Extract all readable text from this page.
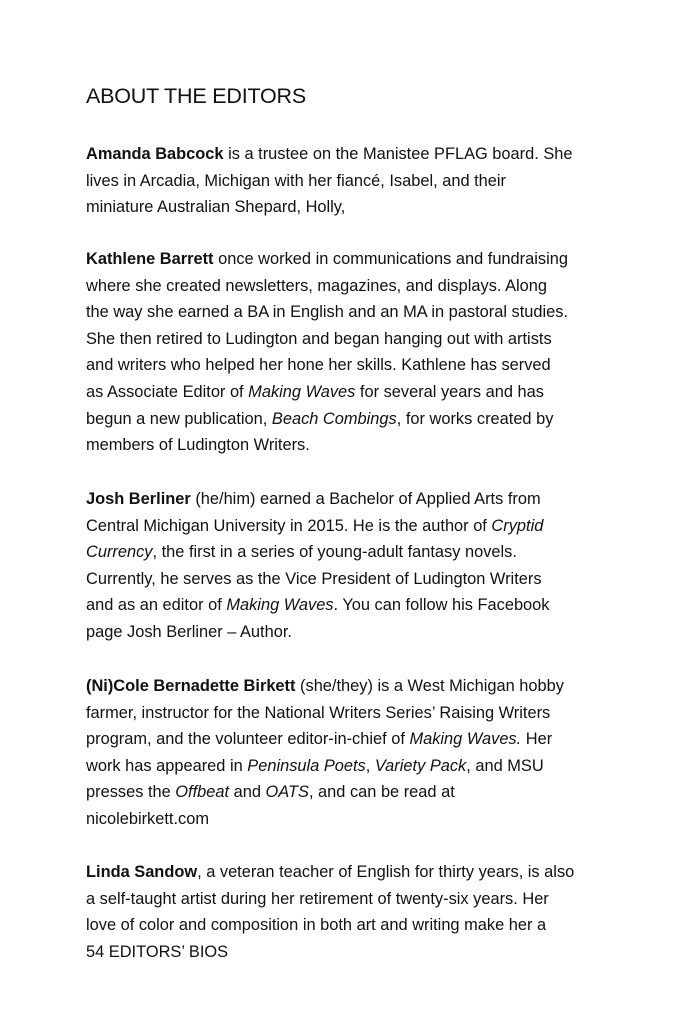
ABOUT THE EDITORS
Amanda Babcock is a trustee on the Manistee PFLAG board. She
lives in Arcadia, Michigan with her fiancé, Isabel, and their
miniature Australian Shepard, Holly,
Kathlene Barrett once worked in communications and fundraising
where she created newsletters, magazines, and displays. Along
the way she earned a BA in English and an MA in pastoral studies.
She then retired to Ludington and began hanging out with artists
and writers who helped her hone her skills. Kathlene has served
as Associate Editor of Making Waves for several years and has
begun a new publication, Beach Combings, for works created by
members of Ludington Writers.
Josh Berliner (he/him) earned a Bachelor of Applied Arts from
Central Michigan University in 2015. He is the author of Cryptid
Currency, the first in a series of young-adult fantasy novels.
Currently, he serves as the Vice President of Ludington Writers
and as an editor of Making Waves. You can follow his Facebook
page Josh Berliner – Author.
(Ni)Cole Bernadette Birkett (she/they) is a West Michigan hobby
farmer, instructor for the National Writers Series’ Raising Writers
program, and the volunteer editor-in-chief of Making Waves. Her
work has appeared in Peninsula Poets, Variety Pack, and MSU
presses the Offbeat and OATS, and can be read at
nicolebirkett.com
Linda Sandow, a veteran teacher of English for thirty years, is also
a self-taught artist during her retirement of twenty-six years. Her
love of color and composition in both art and writing make her a
54 EDITORS’ BIOS
